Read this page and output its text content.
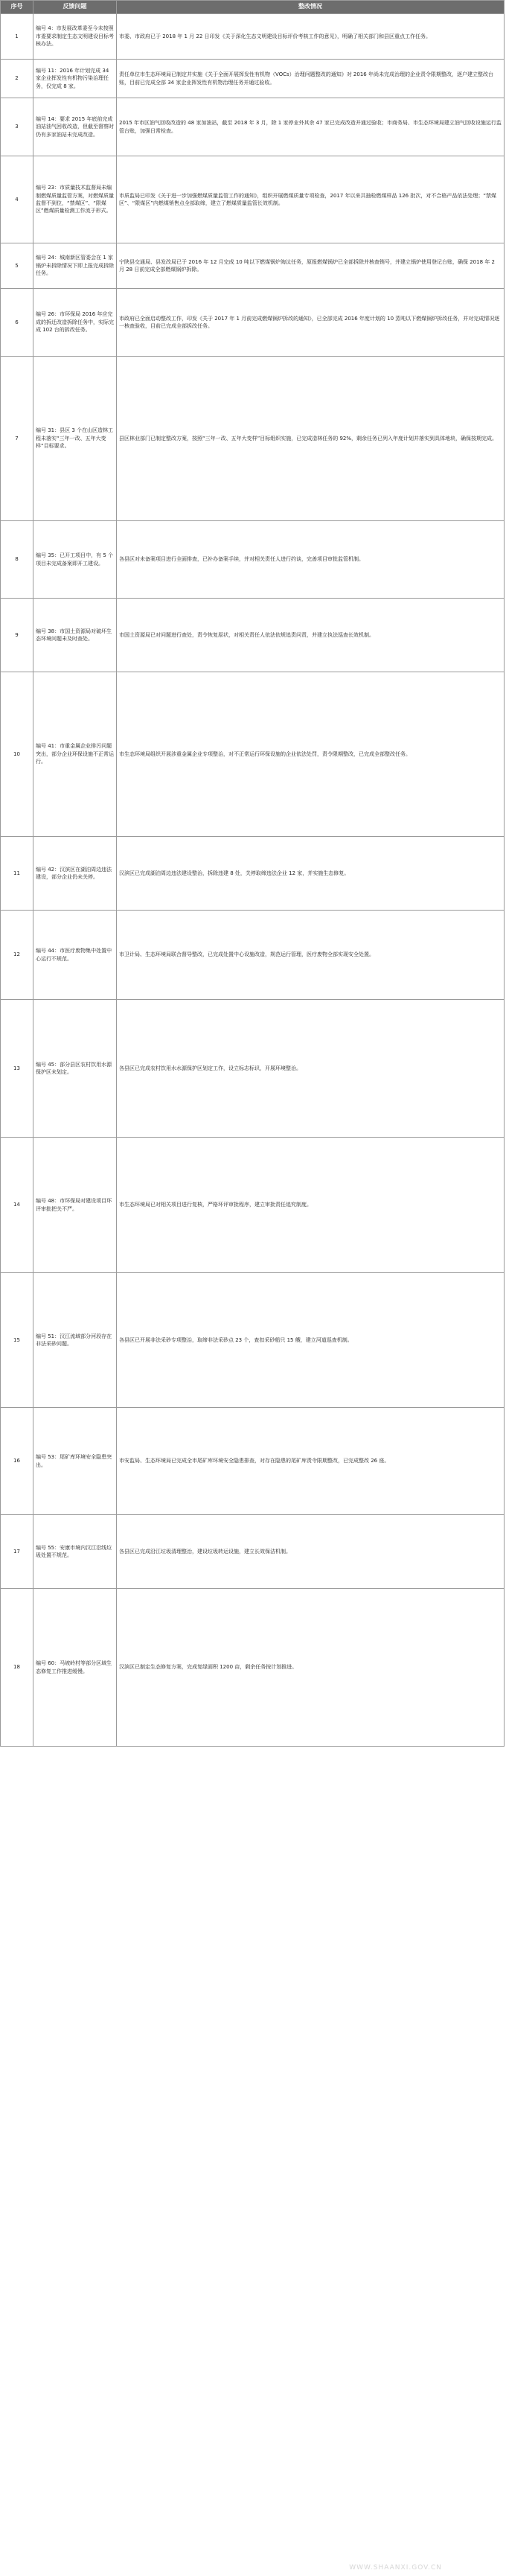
序号	反馈问题	整改情况
1	编号 4：市发展改革委至今未按照市委要求制定生态文明建设目标考核办法。	市委、市政府已于 2018 年 1 月 22 日印发《关于深化生态文明建设目标评价考核工作的意见》，明确了相关部门和县区重点工作任务。
2	编号 11：2016 年计划完成 34 家企业挥发性有机物污染治理任务，仅完成 8 家。	责任单位市生态环境局已制定并实施《关于全面开展挥发性有机物（VOCs）治理问题整改的通知》对 2016 年尚未完成治理的企业责令限期整改，逐户建立整改台账，目前已完成全部 34 家企业挥发性有机物治理任务并通过验收。
3	编号 14：要求 2015 年底前完成油站油气回收改造，但截至督察时仍有多家油站未完成改造。	2015 年市区油气回收改造的 48 家加油站，截至 2018 年 3 月，除 1 家停业外其余 47 家已完成改造并通过验收；市商务局、市生态环境局建立油气回收设施运行监管台账，加强日常检查。
4	编号 23：市质量技术监督局未编制燃煤质量监管方案，对燃煤质量监督不到位，“禁煤区”、“限煤区”燃煤质量检测工作流于形式。	市质监局已印发《关于进一步加强燃煤质量监管工作的通知》，组织开展燃煤质量专项检查，2017 年以来共抽检燃煤样品 126 批次，对不合格产品依法处理；“禁煤区”、“限煤区”内燃煤销售点全部取缔，建立了燃煤质量监管长效机制。
5	编号 24：城南新区管委会在 1 家锅炉未拆除情况下即上报完成拆除任务。	宁陕县交通局、县发改局已于 2016 年 12 月完成 10 吨以下燃煤锅炉淘汰任务，原报燃煤锅炉已全部拆除并核查销号，并建立锅炉使用登记台账，确保 2018 年 2 月 28 日前完成全部燃煤锅炉拆除。
6	编号 26：市环保局 2016 年应完成的拆迁改造拆除任务中，实际完成 102 台的拆改任务。	市政府已全面启动整改工作，印发《关于 2017 年 1 月前完成燃煤锅炉拆改的通知》，已全部完成 2016 年度计划的 10 蒸吨以下燃煤锅炉拆改任务，并对完成情况逐一核查验收，目前已完成全部拆改任务。
7	编号 31：县区 3 个在山区造林工程未落实“三年一改、五年大变样”目标要求。	县区林业部门已制定整改方案，按照“三年一改、五年大变样”目标组织实施，已完成造林任务的 92%，剩余任务已列入年度计划并落实到具体地块，确保按期完成。
8	编号 35：已开工项目中，有 5 个项目未完成备案即开工建设。	各县区对未备案项目进行全面排查，已补办备案手续，并对相关责任人进行约谈，完善项目审批监管机制。
9	编号 38：市国土资源局对破坏生态环境问题未及时查处。	市国土资源局已对问题进行查处，责令恢复原状，对相关责任人依法依规追责问责，并建立执法巡查长效机制。
10	编号 41：市重金属企业排污问题突出，部分企业环保设施不正常运行。	市生态环境局组织开展涉重金属企业专项整治，对不正常运行环保设施的企业依法处罚，责令限期整改，已完成全部整改任务。
11	编号 42：汉滨区在湖泊周边违法建设，部分企业仍未关停。	汉滨区已完成湖泊周边违法建设整治，拆除违建 8 处，关停取缔违法企业 12 家，并实施生态修复。
12	编号 44：市医疗废物集中处置中心运行不规范。	市卫计局、生态环境局联合督导整改，已完成处置中心设施改造，规范运行管理，医疗废物全部实现安全处置。
13	编号 45：部分县区农村饮用水源保护区未划定。	各县区已完成农村饮用水水源保护区划定工作，设立标志标识，开展环境整治。
14	编号 48：市环保局对建设项目环评审批把关不严。	市生态环境局已对相关项目进行复核，严格环评审批程序，建立审批责任追究制度。
15	编号 51：汉江流域部分河段存在非法采砂问题。	各县区已开展非法采砂专项整治，取缔非法采砂点 23 个，查扣采砂船只 15 艘，建立河道巡查机制。
16	编号 53：尾矿库环境安全隐患突出。	市安监局、生态环境局已完成全市尾矿库环境安全隐患排查，对存在隐患的尾矿库责令限期整改，已完成整改 26 座。
17	编号 55：安康市境内汉江沿线垃圾处置不规范。	各县区已完成沿江垃圾清理整治，建设垃圾转运设施，建立长效保洁机制。
18	编号 60：马坡岭村等部分区域生态修复工作推进缓慢。	汉滨区已制定生态修复方案，完成复绿面积 1200 亩，剩余任务按计划推进。
WWW.SHAANXI.GOV.CN
